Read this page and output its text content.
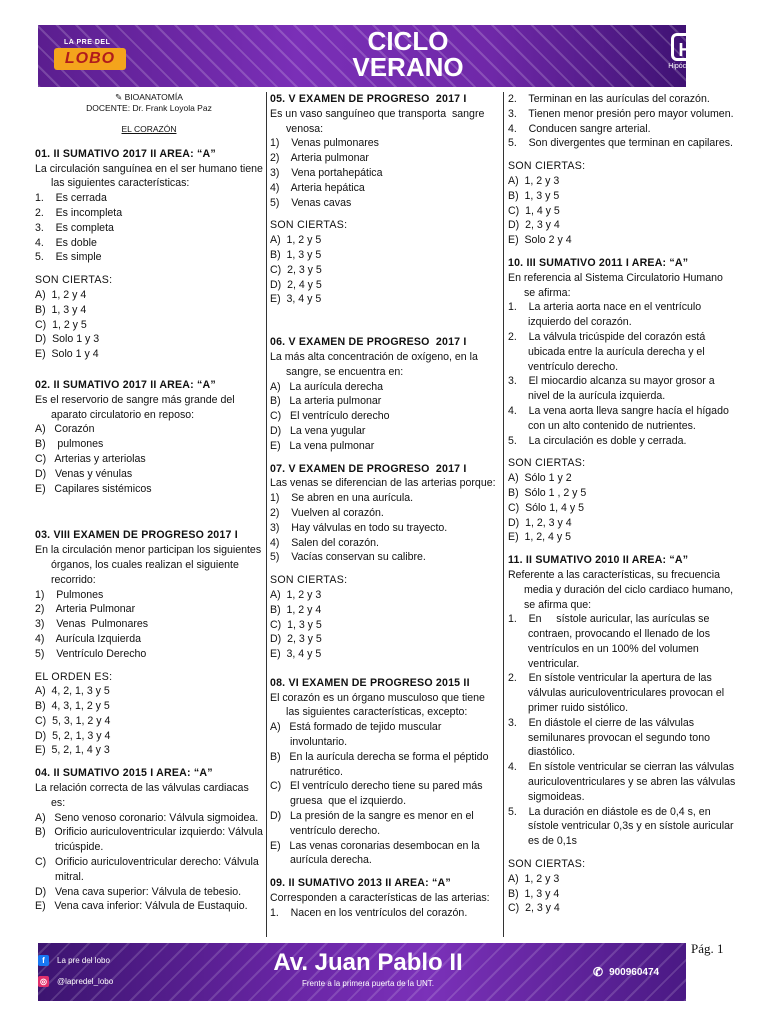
LA PRE DEL
LOBO
CICLO
VERANO
H
Hipócrates
✎ BIOANATOMÍA
DOCENTE: Dr. Frank Loyola Paz
EL CORAZÓN
01. II SUMATIVO 2017 II AREA: “A”
La circulación sanguínea en el ser humano tiene las siguientes características:
1.    Es cerrada
2.    Es incompleta
3.    Es completa
4.    Es doble
5.    Es simple
SON CIERTAS:
A)  1, 2 y 4
B)  1, 3 y 4
C)  1, 2 y 5
D)  Solo 1 y 3
E)  Solo 1 y 4
02. II SUMATIVO 2017 II AREA: “A”
Es el reservorio de sangre más grande del aparato circulatorio en reposo:
A)   Corazón
B)    pulmones
C)   Arterias y arteriolas
D)   Venas y vénulas
E)   Capilares sistémicos
03. VIII EXAMEN DE PROGRESO 2017 I
En la circulación menor participan los siguientes órganos, los cuales realizan el siguiente recorrido:
1)    Pulmones
2)    Arteria Pulmonar
3)    Venas  Pulmonares
4)    Aurícula Izquierda
5)    Ventrículo Derecho
EL ORDEN ES:
A)  4, 2, 1, 3 y 5
B)  4, 3, 1, 2 y 5
C)  5, 3, 1, 2 y 4
D)  5, 2, 1, 3 y 4
E)  5, 2, 1, 4 y 3
04. II SUMATIVO 2015 I AREA: “A”
La relación correcta de las válvulas cardiacas es:
A)   Seno venoso coronario: Válvula sigmoidea.
B)   Orificio auriculoventricular izquierdo: Válvula tricúspide.
C)   Orificio auriculoventricular derecho: Válvula mitral.
D)   Vena cava superior: Válvula de tebesio.
E)   Vena cava inferior: Válvula de Eustaquio.
05. V EXAMEN DE PROGRESO  2017 I
Es un vaso sanguíneo que transporta  sangre venosa:
1)    Venas pulmonares
2)    Arteria pulmonar
3)    Vena portahepática
4)    Arteria hepática
5)    Venas cavas
SON CIERTAS:
A)  1, 2 y 5
B)  1, 3 y 5
C)  2, 3 y 5
D)  2, 4 y 5
E)  3, 4 y 5
06. V EXAMEN DE PROGRESO  2017 I
La más alta concentración de oxígeno, en la sangre, se encuentra en:
A)   La aurícula derecha
B)   La arteria pulmonar
C)   El ventrículo derecho
D)   La vena yugular
E)   La vena pulmonar
07. V EXAMEN DE PROGRESO  2017 I
Las venas se diferencian de las arterias porque:
1)    Se abren en una aurícula.
2)    Vuelven al corazón.
3)    Hay válvulas en todo su trayecto.
4)    Salen del corazón.
5)    Vacías conservan su calibre.
SON CIERTAS:
A)  1, 2 y 3
B)  1, 2 y 4
C)  1, 3 y 5
D)  2, 3 y 5
E)  3, 4 y 5
08. VI EXAMEN DE PROGRESO 2015 II
El corazón es un órgano musculoso que tiene las siguientes características, excepto:
A)   Está formado de tejido muscular involuntario.
B)   En la aurícula derecha se forma el péptido natrurético.
C)   El ventrículo derecho tiene su pared más gruesa  que el izquierdo.
D)   La presión de la sangre es menor en el ventrículo derecho.
E)   Las venas coronarias desembocan en la aurícula derecha.
09. II SUMATIVO 2013 II AREA: “A”
Corresponden a características de las arterias:
1.    Nacen en los ventrículos del corazón.
2.    Terminan en las aurículas del corazón.
3.    Tienen menor presión pero mayor volumen.
4.    Conducen sangre arterial.
5.    Son divergentes que terminan en capilares.
SON CIERTAS:
A)  1, 2 y 3
B)  1, 3 y 5
C)  1, 4 y 5
D)  2, 3 y 4
E)  Solo 2 y 4
10. III SUMATIVO 2011 I AREA: “A”
En referencia al Sistema Circulatorio Humano se afirma:
1.    La arteria aorta nace en el ventrículo izquierdo del corazón.
2.    La válvula tricúspide del corazón está ubicada entre la aurícula derecha y el ventrículo derecho.
3.    El miocardio alcanza su mayor grosor a nivel de la aurícula izquierda.
4.    La vena aorta lleva sangre hacía el hígado con un alto contenido de nutrientes.
5.    La circulación es doble y cerrada.
SON CIERTAS:
A)  Sólo 1 y 2
B)  Sólo 1 , 2 y 5
C)  Sólo 1, 4 y 5
D)  1, 2, 3 y 4
E)  1, 2, 4 y 5
11. II SUMATIVO 2010 II AREA: “A”
Referente a las características, su frecuencia media y duración del ciclo cardiaco humano, se afirma que:
1.    En     sístole auricular, las aurículas se contraen, provocando el llenado de los ventrículos en un 100% del volumen ventricular.
2.    En sístole ventricular la apertura de las válvulas auriculoventriculares provocan el primer ruido sistólico.
3.    En diástole el cierre de las válvulas semilunares provocan el segundo tono diastólico.
4.    En sístole ventricular se cierran las válvulas auriculoventriculares y se abren las válvulas sigmoideas.
5.    La duración en diástole es de 0,4 s, en sístole ventricular 0,3s y en sístole auricular es de 0,1s
SON CIERTAS:
A)  1, 2 y 3
B)  1, 3 y 4
C)  2, 3 y 4
Pág. 1
f	La pre del lobo
◎ @lapredel_lobo
Av. Juan Pablo II
Frente a la primera puerta de la UNT.
✆ 900960474
